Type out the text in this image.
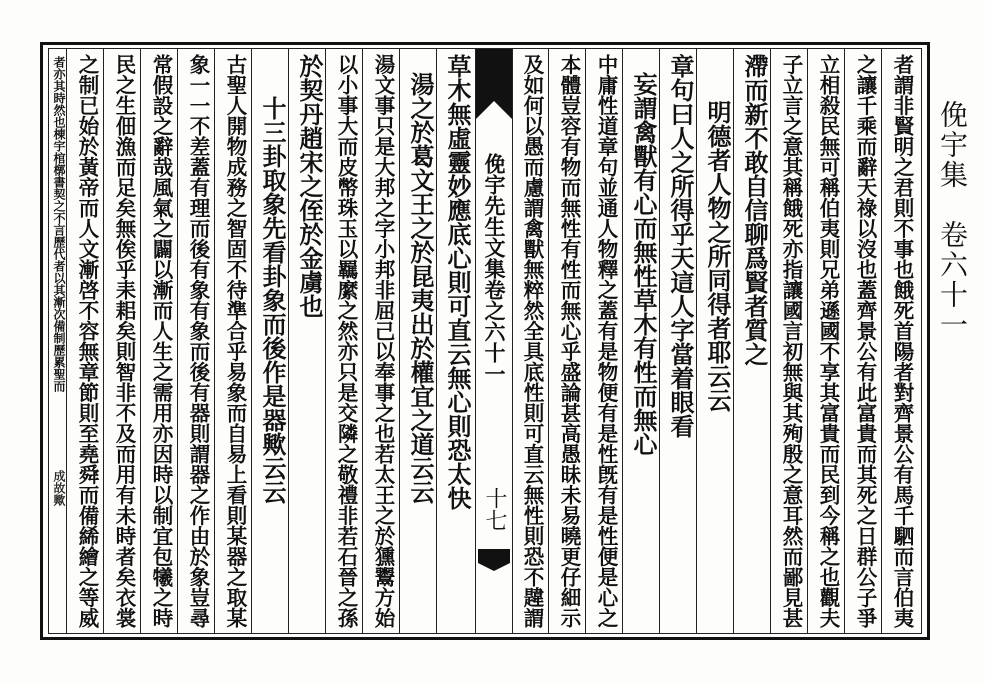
俛宇集　卷六十一
者謂非賢明之君則不事也餓死首陽者對齊景公有馬千駟而言伯夷
之讓千乘而辭天祿以沒也蓋齊景公有此富貴而其死之日群公子爭
立相殺民無可稱伯夷則兄弟遜國不享其富貴而民到今稱之也觀夫
子立言之意其稱餓死亦指讓國言初無與其殉殷之意耳然而鄙見甚
滯而新不敢自信聊爲賢者質之
明德者人物之所同得者耶云云
章句曰人之所得乎天這人字當着眼看
妄謂禽獸有心而無性草木有性而無心
中庸性道章句並通人物釋之蓋有是物便有是性旣有是性便是心之
本體豈容有物而無性有性而無心乎盛論甚高愚昧未易曉更仔細示
及如何以愚而慮謂禽獸無粹然全具底性則可直云無性則恐不韙謂
俛宇先生文集卷之六十一
十七
草木無虛靈妙應底心則可直云無心則恐太快
湯之於葛文王之於昆夷出於權宜之道云云
湯文事只是大邦之字小邦非屈己以奉事之也若太王之於獯鬻方始
以小事大而皮幣珠玉以羈縻之然亦只是交隣之敬禮非若石晉之孫
於契丹趙宋之侄於金虜也
十三卦取象先看卦象而後作是器歟云云
古聖人開物成務之智固不待準合乎易象而自易上看則某器之取某
象一一不差蓋有理而後有象有象而後有器則謂器之作由於象豈尋
常假設之辭哉風氣之闢以漸而人生之需用亦因時以制宜包犧之時
民之生佃漁而足矣無俟乎耒耜矣則智非不及而用有未時者矣衣裳
之制已始於黃帝而人文漸啓不容無章節則至堯舜而備絺繪之等威
者亦其時然也棟宇棺槨書契之不言歷代者以其漸次備制歷累聖而
成故歟
